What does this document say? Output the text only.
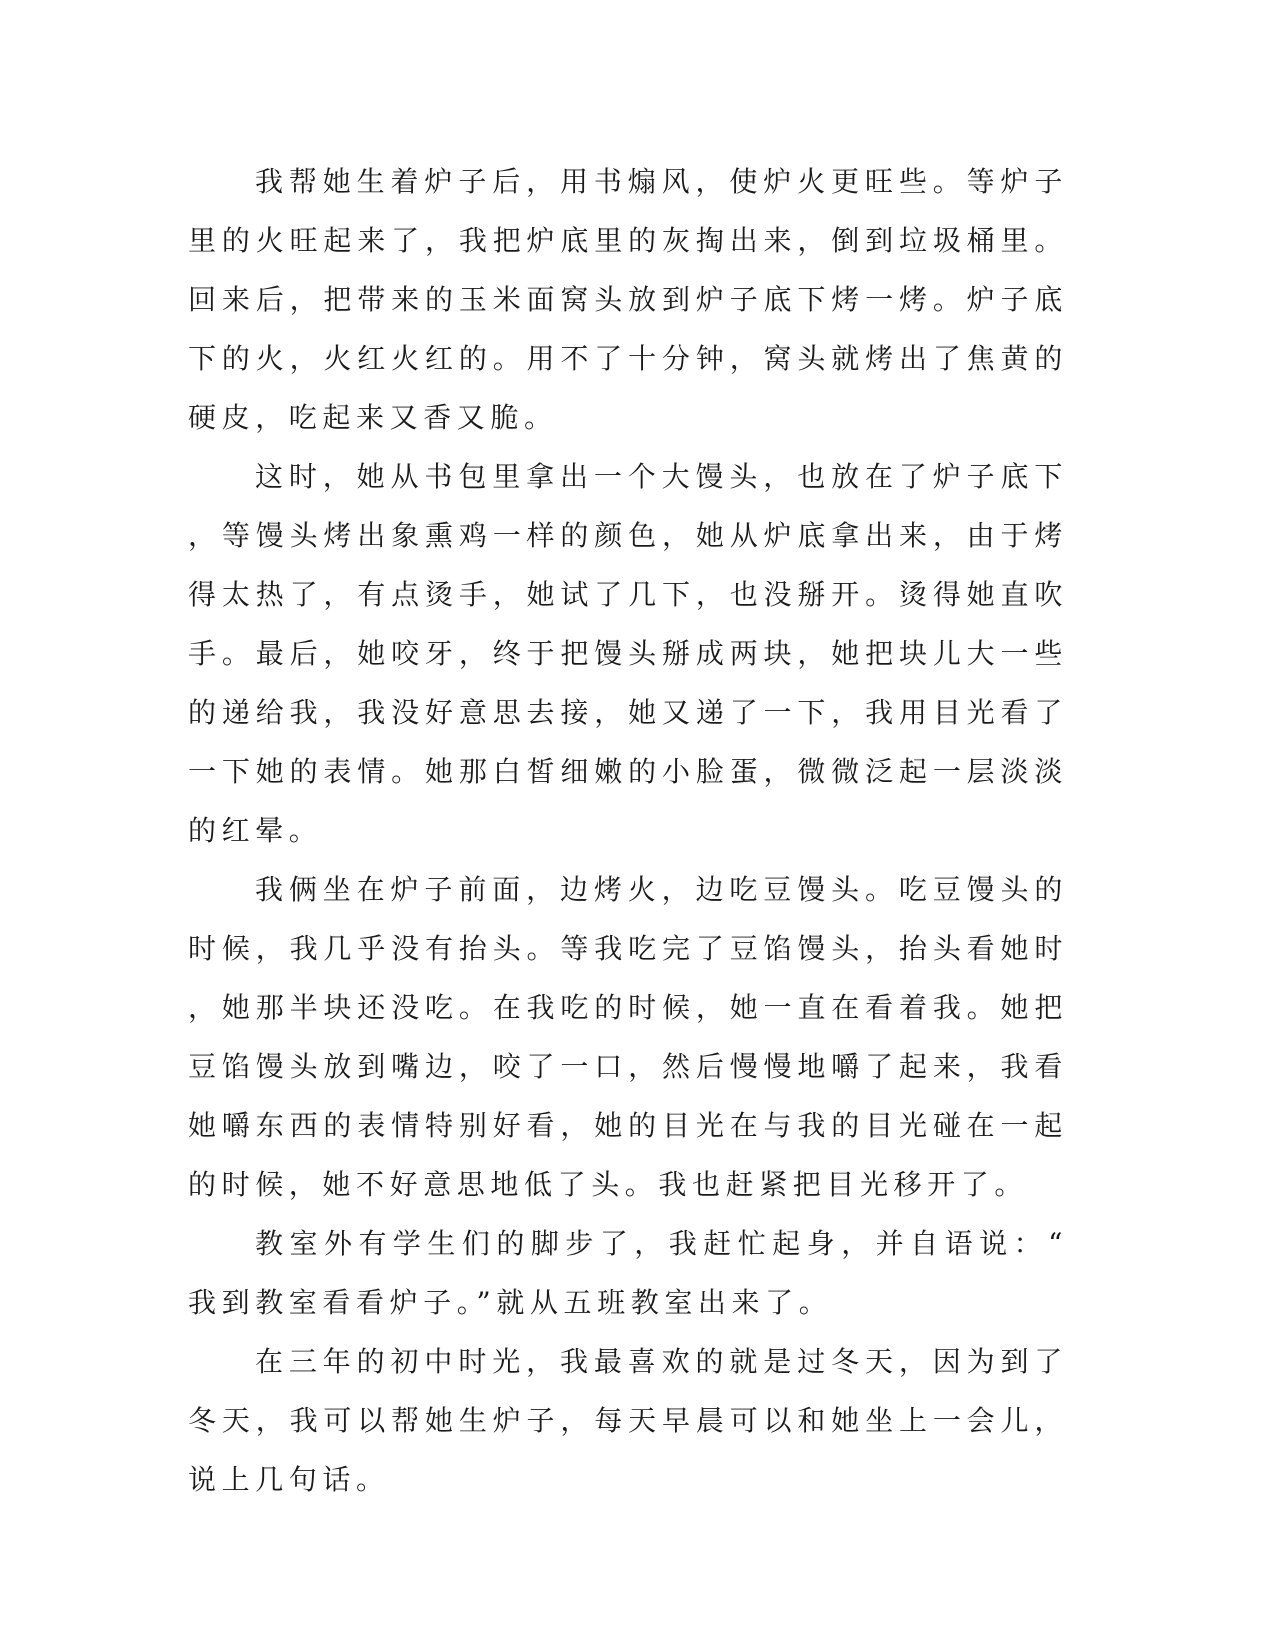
我帮她生着炉子后，用书煽风，使炉火更旺些。等炉子里的火旺起来了，我把炉底里的灰掏出来，倒到垃圾桶里。回来后，把带来的玉米面窝头放到炉子底下烤一烤。炉子底下的火，火红火红的。用不了十分钟，窝头就烤出了焦黄的硬皮，吃起来又香又脆。

这时，她从书包里拿出一个大馒头，也放在了炉子底下，等馒头烤出象熏鸡一样的颜色，她从炉底拿出来，由于烤得太热了，有点烫手，她试了几下，也没掰开。烫得她直吹手。最后，她咬牙，终于把馒头掰成两块，她把块儿大一些的递给我，我没好意思去接，她又递了一下，我用目光看了一下她的表情。她那白皙细嫩的小脸蛋，微微泛起一层淡淡的红晕。

我俩坐在炉子前面，边烤火，边吃豆馒头。吃豆馒头的时候，我几乎没有抬头。等我吃完了豆馅馒头，抬头看她时，她那半块还没吃。在我吃的时候，她一直在看着我。她把豆馅馒头放到嘴边，咬了一口，然后慢慢地嚼了起来，我看她嚼东西的表情特别好看，她的目光在与我的目光碰在一起的时候，她不好意思地低了头。我也赶紧把目光移开了。

教室外有学生们的脚步了，我赶忙起身，并自语说：“我到教室看看炉子。”就从五班教室出来了。

在三年的初中时光，我最喜欢的就是过冬天，因为到了冬天，我可以帮她生炉子，每天早晨可以和她坐上一会儿，说上几句话。
